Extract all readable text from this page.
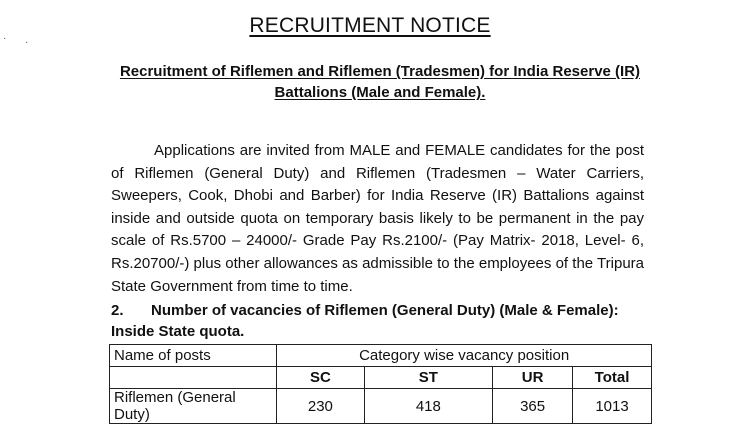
RECRUITMENT NOTICE
Recruitment of Riflemen and Riflemen (Tradesmen) for India Reserve (IR) Battalions (Male and Female).
Applications are invited from MALE and FEMALE candidates for the post of Riflemen (General Duty) and Riflemen (Tradesmen – Water Carriers, Sweepers, Cook, Dhobi and Barber) for India Reserve (IR) Battalions against inside and outside quota on temporary basis likely to be permanent in the pay scale of Rs.5700 – 24000/- Grade Pay Rs.2100/- (Pay Matrix- 2018, Level- 6, Rs.20700/-) plus other allowances as admissible to the employees of the Tripura State Government from time to time.
2. Number of vacancies of Riflemen (General Duty) (Male & Female): Inside State quota.
Name of posts	Category wise vacancy position			
	SC	ST	UR	Total
Riflemen (General Duty)	230	418	365	1013
· ·
